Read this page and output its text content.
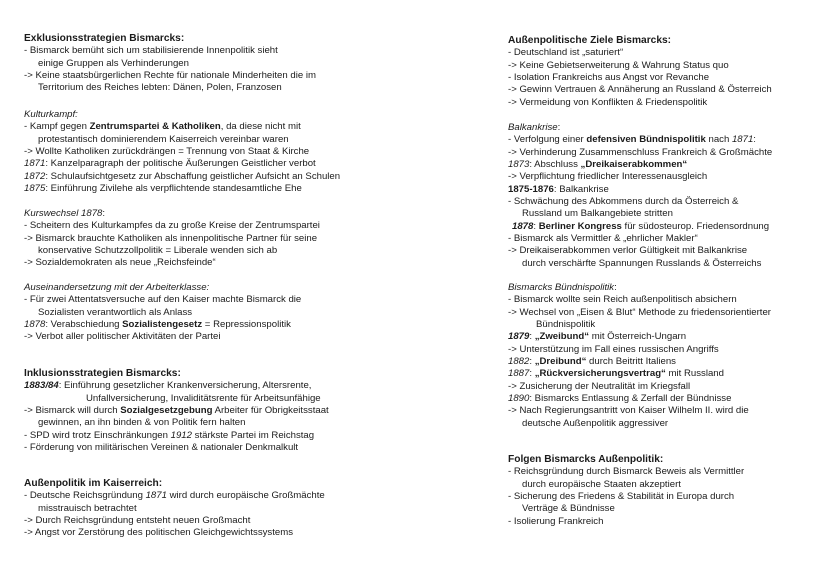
Exklusionsstrategien Bismarcks:
- Bismarck bemüht sich um stabilisierende Innenpolitik sieht
einige Gruppen als Verhinderungen
-> Keine staatsbürgerlichen Rechte für nationale Minderheiten die im
Territorium des Reiches lebten: Dänen, Polen, Franzosen
Kulturkampf:
- Kampf gegen Zentrumspartei & Katholiken, da diese nicht mit
protestantisch dominierendem Kaiserreich vereinbar waren
-> Wollte Katholiken zurückdrängen = Trennung von Staat & Kirche
1871: Kanzelparagraph der politische Äußerungen Geistlicher verbot
1872: Schulaufsichtgesetz zur Abschaffung geistlicher Aufsicht an Schulen
1875: Einführung Zivilehe als verpflichtende standesamtliche Ehe
Kurswechsel 1878:
- Scheitern des Kulturkampfes da zu große Kreise der Zentrumspartei
-> Bismarck brauchte Katholiken als innenpolitische Partner für seine
konservative Schutzzollpolitik = Liberale wenden sich ab
-> Sozialdemokraten als neue „Reichsfeinde“
Auseinandersetzung mit der Arbeiterklasse:
- Für zwei Attentatsversuche auf den Kaiser machte Bismarck die
Sozialisten verantwortlich als Anlass
1878: Verabschiedung Sozialistengesetz = Repressionspolitik
-> Verbot aller politischer Aktivitäten der Partei
Inklusionsstrategien Bismarcks:
1883/84: Einführung gesetzlicher Krankenversicherung, Altersrente,
Unfallversicherung, Invaliditätsrente für Arbeitsunfähige
-> Bismarck will durch Sozialgesetzgebung Arbeiter für Obrigkeitsstaat
gewinnen, an ihn binden & von Politik fern halten
- SPD wird trotz Einschränkungen 1912 stärkste Partei im Reichstag
- Förderung von militärischen Vereinen & nationaler Denkmalkult
Außenpolitik im Kaiserreich:
- Deutsche Reichsgründung 1871 wird durch europäische Großmächte
misstrauisch betrachtet
-> Durch Reichsgründung entsteht neuen Großmacht
-> Angst vor Zerstörung des politischen Gleichgewichtssystems
Außenpolitische Ziele Bismarcks:
- Deutschland ist „saturiert“
-> Keine Gebietserweiterung & Wahrung Status quo
- Isolation Frankreichs aus Angst vor Revanche
-> Gewinn Vertrauen & Annäherung an Russland & Österreich
-> Vermeidung von Konflikten & Friedenspolitik
Balkankrise:
- Verfolgung einer defensiven Bündnispolitik nach 1871:
-> Verhinderung Zusammenschluss Frankreich & Großmächte
1873: Abschluss „Dreikaiserabkommen“
-> Verpflichtung friedlicher Interessenausgleich
1875-1876: Balkankrise
- Schwächung des Abkommens durch da Österreich &
Russland um Balkangebiete stritten
1878: Berliner Kongress für südosteurop. Friedensordnung
- Bismarck als Vermittler & „ehrlicher Makler“
-> Dreikaiserabkommen verlor Gültigkeit mit Balkankrise
durch verschärfte Spannungen Russlands & Österreichs
Bismarcks Bündnispolitik:
- Bismarck wollte sein Reich außenpolitisch absichern
-> Wechsel von „Eisen & Blut“ Methode zu friedensorientierter
Bündnispolitik
1879: „Zweibund“ mit Österreich-Ungarn
-> Unterstützung im Fall eines russischen Angriffs
1882: „Dreibund“ durch Beitritt Italiens
1887: „Rückversicherungsvertrag“ mit Russland
-> Zusicherung der Neutralität im Kriegsfall
1890: Bismarcks Entlassung & Zerfall der Bündnisse
-> Nach Regierungsantritt von Kaiser Wilhelm II. wird die
deutsche Außenpolitik aggressiver
Folgen Bismarcks Außenpolitik:
- Reichsgründung durch Bismarck Beweis als Vermittler
durch europäische Staaten akzeptiert
- Sicherung des Friedens & Stabilität in Europa durch
Verträge & Bündnisse
- Isolierung Frankreich
